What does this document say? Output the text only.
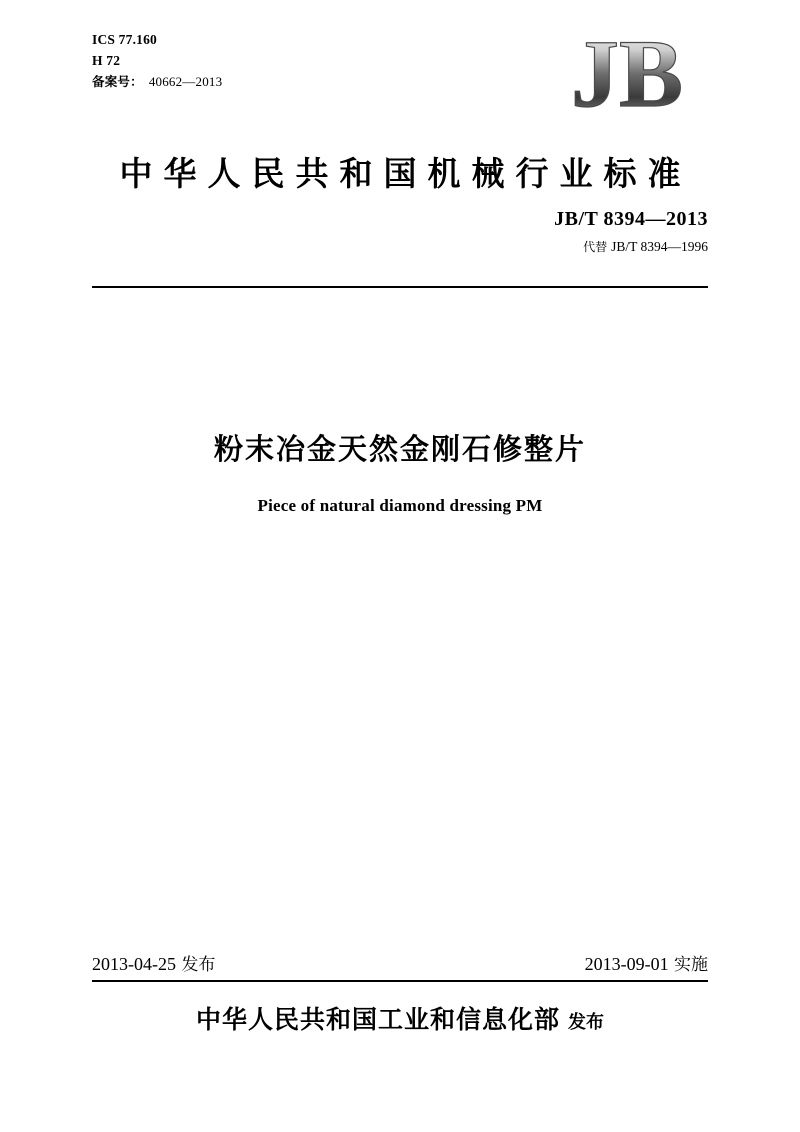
ICS 77.160
H 72
备案号： 40662—2013	JB
中华人民共和国机械行业标准
JB/T 8394—2013
代替 JB/T 8394—1996
粉末冶金天然金刚石修整片
Piece of natural diamond dressing PM
2013-04-25 发布	2013-09-01 实施
中华人民共和国工业和信息化部 发布
